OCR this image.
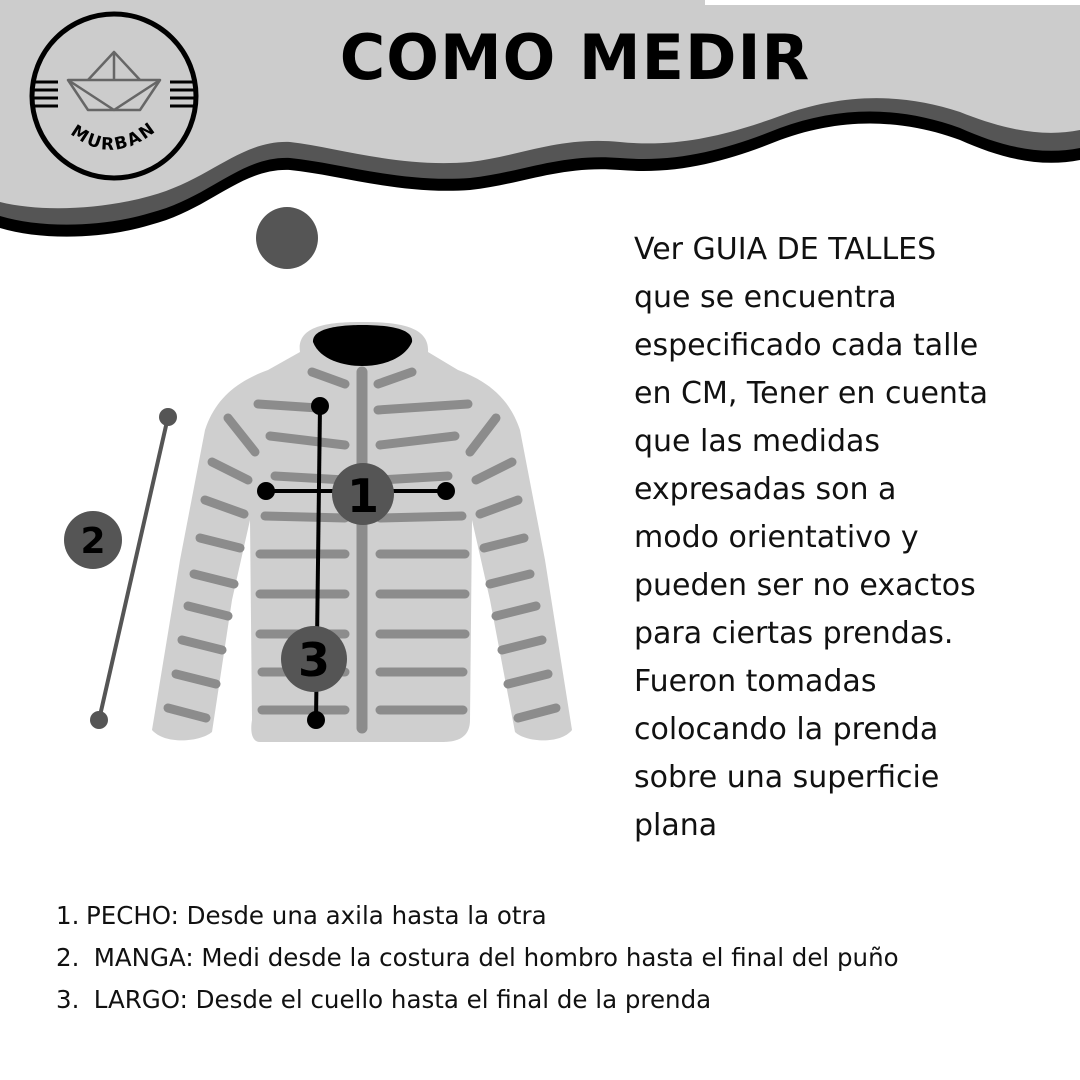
MURBAN
COMO MEDIR
1
2
3
Ver GUIA DE TALLES
que se encuentra
especificado cada talle
en CM, Tener en cuenta
que las medidas
expresadas son a
modo orientativo y
pueden ser no exactos
para ciertas prendas.
Fueron tomadas
colocando la prenda
sobre una superficie
plana
1. PECHO: Desde una axila hasta la otra
2. MANGA: Medi desde la costura del hombro hasta el final del puño
3. LARGO: Desde el cuello hasta el final de la prenda
